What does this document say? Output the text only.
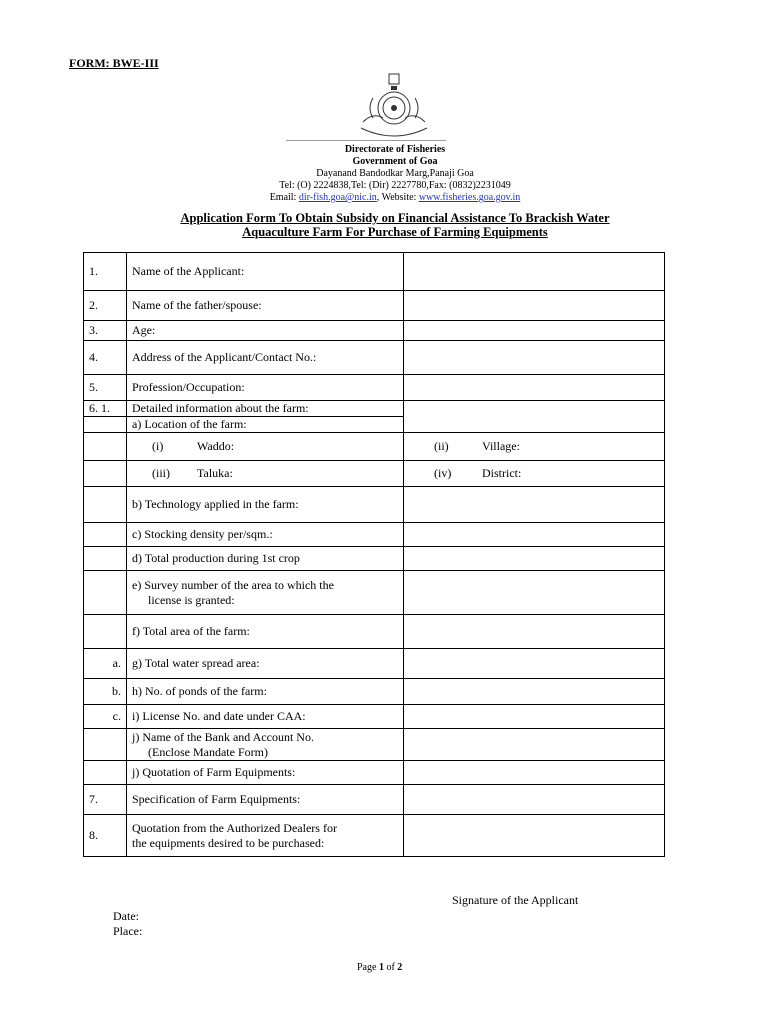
FORM: BWE-III
Directorate of Fisheries
Government of Goa
Dayanand Bandodkar Marg,Panaji Goa
Tel: (O) 2224838,Tel: (Dir) 2227780,Fax: (0832)2231049
Email: dir-fish.goa@nic.in, Website: www.fisheries.goa.gov.in
Application Form To Obtain Subsidy on Financial Assistance To Brackish Water
Aquaculture Farm For Purchase of Farming Equipments
1.	Name of the Applicant:	
2.	Name of the father/spouse:	
3.	Age:	
4.	Address of the Applicant/Contact No.:	
5.	Profession/Occupation:	
6. 1.	Detailed information about the farm:	
	a) Location of the farm:	

	(i) Waddo:	(ii) Village:

	(iii) Taluka:	(iv) District:

	b) Technology applied in the farm:	
	c) Stocking density per/sqm.:	
	d) Total production during 1st crop	

	e) Survey number of the area to which the
license is granted:	

	f) Total area of the farm:	
a.	g) Total water spread area:	
b.	h) No. of ponds of the farm:	
c.	i) License No. and date under CAA:	

	j) Name of the Bank and Account No.
(Enclose Mandate Form)	

	j) Quotation of Farm Equipments:	
7.	Specification of Farm Equipments:	
8.	Quotation from the Authorized Dealers for
the equipments desired to be purchased:	

Signature of the Applicant
Date:
Place:
Page 1 of 2
